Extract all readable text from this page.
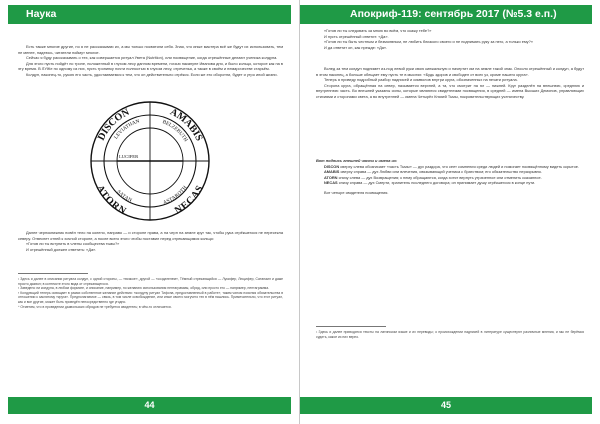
Наука

Есть также многие другие, но я не рассказываю их, а мы только посвятили себя. Зная, что иные мастера всё же будут их использовать, тем не менее, надеюсь, читатели поймут многое.

Сейчас я буду рассказывать о тех, как совершается ритуал Увета (Nutrition), или посвящение, когда отрешённые делают ученика колдуна.

Для этого пусть пойдёт по троне, положенный в глухом лесу данном времени, ночью накануне Иванова дня, и было кольцо, которое как на в эту время. В ЛУЖе по одному из них, пусть тропинку почти полностью в глухом лесу, отреченья, а также в своём и немарочестве старьём.

Колдун, наконец-то, рукою его часть, удостаиваемся к тем, что он действительно отрёкся. Если же это оборотни, будет и утро иной жизни.

DISCON	AMABIS
ATORN	NECAS
LEVIATHAN	BELZEBUTH
SATAN	ASTAROTH
LUCIFER

Далее чернокнижник повёл тело на колено, направо — и стороне права, а на черп на земле круг так, чтобы рука отрёкшегося не пересекла северу. Отвеснет отней к хочной стороне, а после всего этого чтобы поставил перед отрекающимся кольцо:

«Готов ли ты вступить в члены сообщества тьмы?»

И отрешённый должен ответить: «Да».

¹ Здесь и далее в описании ритуала колдун, с одной стороны, — «всякое», другой — «создателем», Тёмный отрекающийся — Лукифер, Люцифер, Сатанаил и даже просто дьявол; в контексте этого вида от отрекающегося.

² Заведено ли колдуна, в любом формате, и описание, например, по желанию использования пентаграммы, обряд, или просто его — например, пентаграмма.

³ Колдующий теперь освящает в рамах собственное желание действия: «колдуну ритуал Тифона, предоставленный в работе», таким чином поясняя обязательства в отношении к заклятому «круга». Предполагаемое — связь, в том числе освобождение, или иные своего могучего тех в нём нашлись. Примечательно, что этот ритуал, как и все другие, может быть проведён непосредственно где угодно.

⁴ Отметим, что в проведении дьявольских обрядов не требуется свидетель; в чём-то отличается.

44
Апокриф-119: сентябрь 2017 (№5.3 е.п.)

«Готов ли ты следовать за мною во всём, что скажу тебе?»

И пусть отрешённый ответит: «Да».

«Готов ли ты быть честным и безмолвным, не любить близкого своего и не поднимать руку за него, а только ему?»

И да ответит он, как прежде: «Да».

Вслед за тем колдун поднимет из-под левой руки свою кинжальную и начертит им на земле такой знак. Опосля отрешённый и колдун, а будут в этом наконец, а больше обещает ему пусть те в мыслях: «Будь здоров и свободен от всех уз, кроме нашего круга».

Теперь я приведу подробный разбор надписей и символов внутри круга, обозначенных на печати ритуала.

Сторона круга, обращённая на север, называется верхней, а та, что смотрит на юг — нижней. Круг разделён на внешнюю, среднюю и внутреннюю часть. Во внешней указаны силы, которые являются свидетелями посвящения, в средней — имена Высших Демонов, управляющих стихиями и сторонами света, а во внутренней — имена Четырёх Князей Тьмы, покровительствующих ученичеству.

Вот подпись внешней части и имена их:

DISCON сверху слева обозначает «часть Тьмы» — дух раздора, что сеет сомнения среди людей и помогает посвящённому видеть скрытое.

AMABIS сверху справа — дух Любви или влечения, связывающий ученика с братством; его обязательство неразрывно.

ATORN снизу слева — дух Возвращения; к нему обращаются, когда хотят вернуть утраченное или отменить сказанное.

NECAS снизу справа — дух Смерти, хранитель последнего договора; он принимает душу отрёкшегося в конце пути.

Вот четыре свидетеля посвящения.

¹ Здесь и далее приводятся тексты на латинском языке и их переводы; о происхождении надписей в литературе существуют различные мнения, и мы не берёмся судить, какое из них верно.

45
